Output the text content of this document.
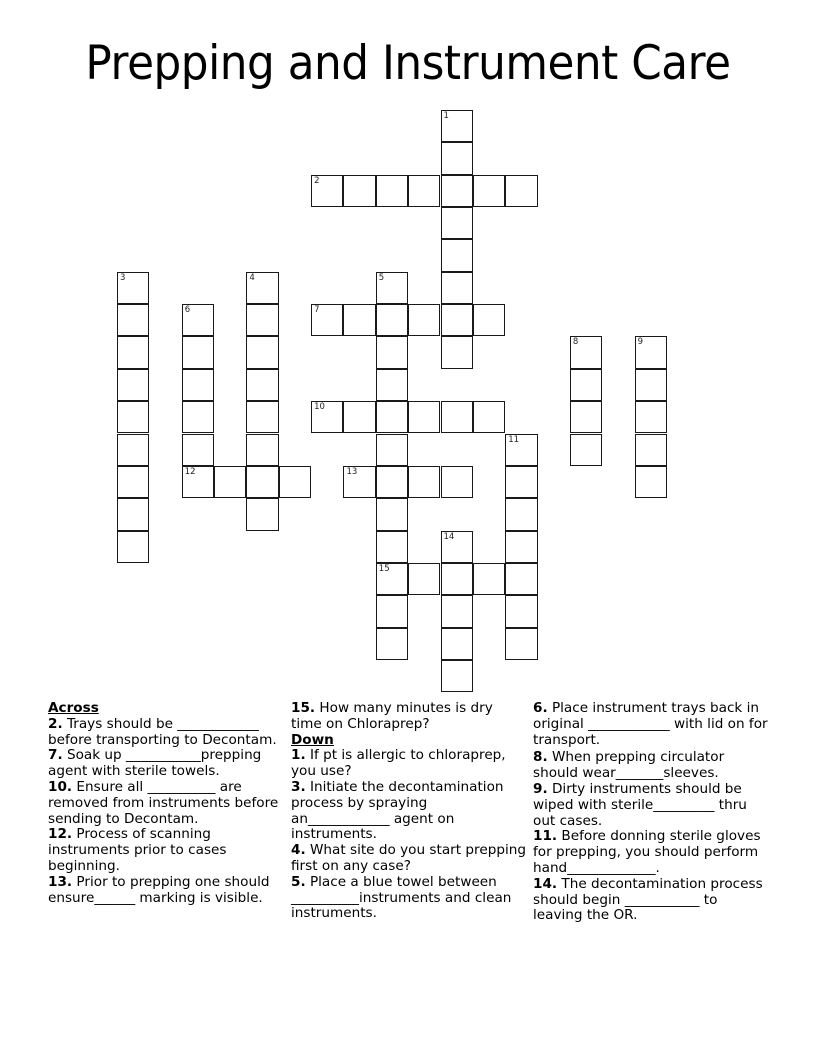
Prepping and Instrument Care
1
2
3	4	5
15
6
12
7
8	9
10
11
13
14

Across

2. Trays should be ____________ before transporting to Decontam.

7. Soak up ___________prepping agent with sterile towels.

10. Ensure all __________ are removed from instruments before sending to Decontam.

12. Process of scanning instruments prior to cases beginning.

13. Prior to prepping one should ensure______ marking is visible.

15. How many minutes is dry time on Chloraprep?

Down

1. If pt is allergic to chloraprep, you use?

3. Initiate the decontamination process by spraying an____________ agent on instruments.

4. What site do you start prepping first on any case?

5. Place a blue towel between __________instruments and clean instruments.

6. Place instrument trays back in original ____________ with lid on for transport.

8. When prepping circulator should wear_______sleeves.

9. Dirty instruments should be wiped with sterile_________ thru out cases.

11. Before donning sterile gloves for prepping, you should perform hand_____________.

14. The decontamination process should begin ___________ to leaving the OR.
